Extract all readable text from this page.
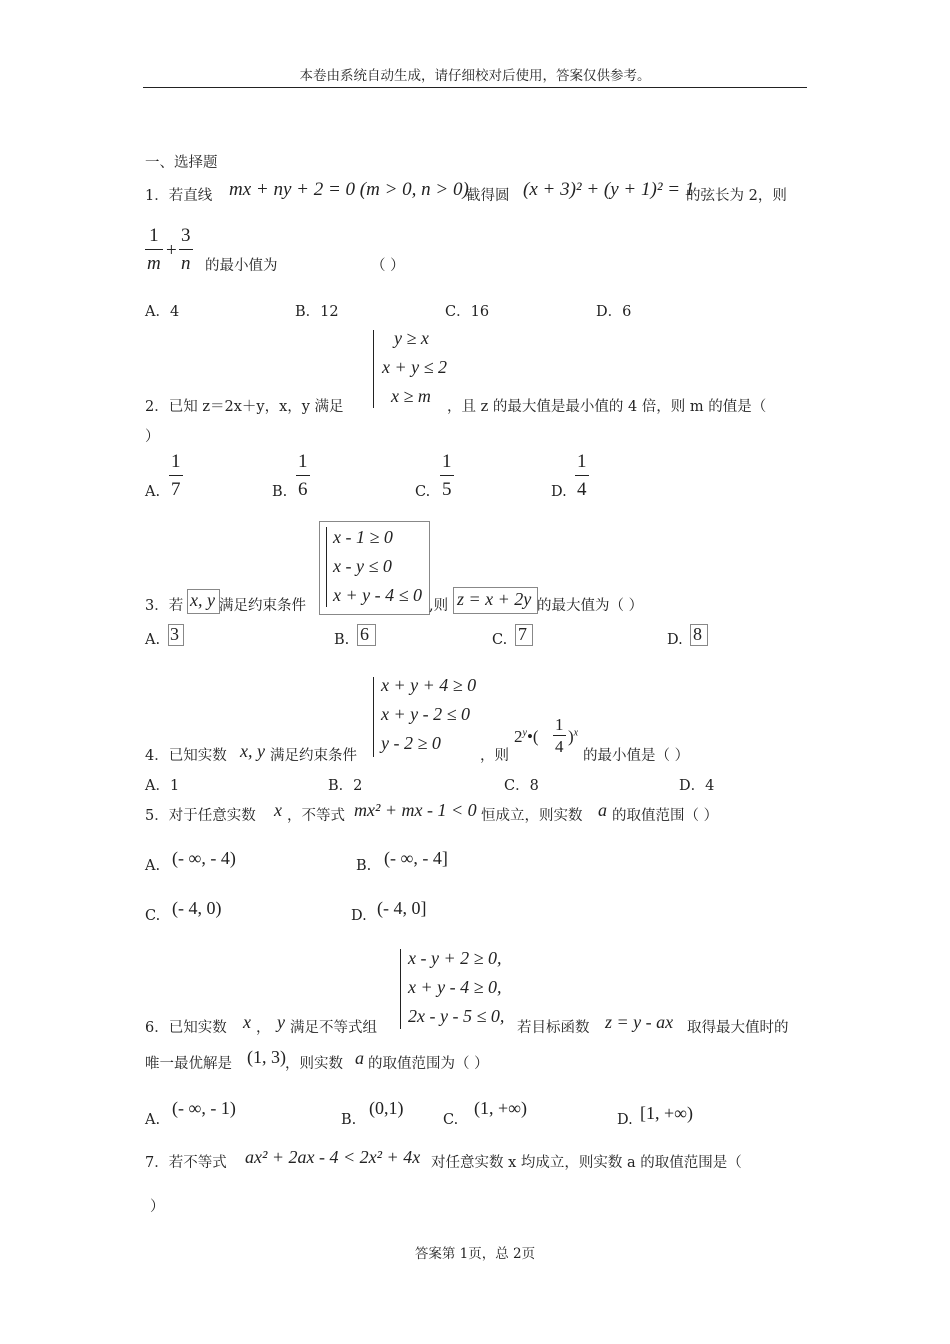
本卷由系统自动生成，请仔细校对后使用，答案仅供参考。
一、选择题
1．若直线 mx + ny + 2 = 0 (m > 0, n > 0)
截得圆 (x + 3)² + (y + 1)² = 1
的弦长为 2，则
1
m
+
3
n 的最小值为	（ ）
A．4	B．12	C．16	D．6
y ≥ x
x + y ≤ 2
x ≥ m
2．已知 z＝2x＋y，x，y 满足	，且 z 的最大值是最小值的 4 倍，则 m 的值是（
）
A.
1
7	B.
1
6	C.
1
5	D.
1
4
3．若 x, y 满足约束条件
x - 1 ≥ 0
x - y ≤ 0
x + y - 4 ≤ 0
,则 z = x + 2y 的最大值为（ ）
A. 3	B. 6	C. 7	D. 8
x + y + 4 ≥ 0
x + y - 2 ≤ 0
y - 2 ≥ 0
4．已知实数 x, y 满足约束条件	，则
2$^y$•(
1
4
)$^x$
的最小值是（ ）
A．1	B．2	C．8	D．4
5．对于任意实数 x ，不等式 mx² + mx - 1 < 0 恒成立，则实数 a 的取值范围（ ）
A. (- ∞, - 4)	B. (- ∞, - 4]
C. (- 4, 0)	D. (- 4, 0]
x - y + 2 ≥ 0,
x + y - 4 ≥ 0,
2x - y - 5 ≤ 0,
6．已知实数 x ， y 满足不等式组	若目标函数 z = y - ax 取得最大值时的
唯一最优解是 (1, 3) ，则实数 a 的取值范围为（ ）
A.
(- ∞, - 1)
B.
(0,1)
C.
(1, +∞)
D. [1, +∞)
7．若不等式 ax² + 2ax - 4 < 2x² + 4x 对任意实数 x 均成立，则实数 a 的取值范围是（
）
答案第 1页，总 2页
